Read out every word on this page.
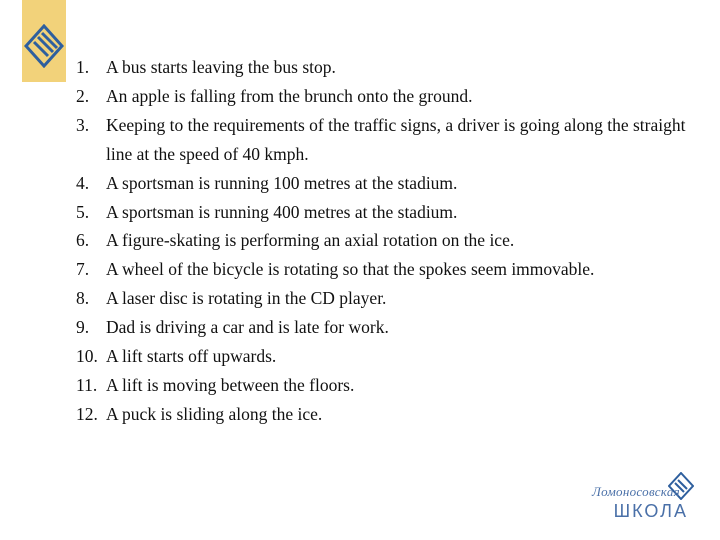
1. A bus starts leaving the bus stop.
2. An apple is falling from the brunch onto the ground.
3. Keeping to the requirements of the traffic signs, a driver is going along the straight line at the speed of 40 kmph.
4. A sportsman is running 100 metres at the stadium.
5. A sportsman is running 400 metres at the stadium.
6. A figure-skating is performing an axial rotation on the ice.
7. A wheel of the bicycle is rotating so that the spokes seem immovable.
8. A laser disc is rotating in the CD player.
9. Dad is driving a car and is late for work.
10. A lift starts off upwards.
11. A lift is moving between the floors.
12. A puck is sliding along the ice.
Ломоносовская
ШКОЛА
